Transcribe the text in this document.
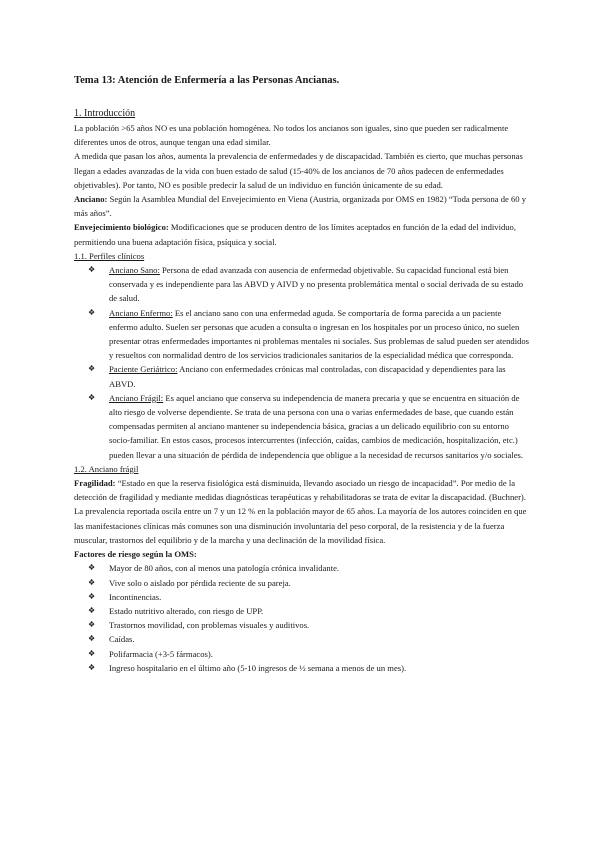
Tema 13: Atención de Enfermería a las Personas Ancianas.

1. Introducción

La población >65 años NO es una población homogénea. No todos los ancianos son iguales, sino que pueden ser radicalmente diferentes unos de otros, aunque tengan una edad similar.

A medida que pasan los años, aumenta la prevalencia de enfermedades y de discapacidad. También es cierto, que muchas personas llegan a edades avanzadas de la vida con buen estado de salud (15-40% de los ancianos de 70 años padecen de enfermedades objetivables). Por tanto, NO es posible predecir la salud de un individuo en función únicamente de su edad.

Anciano: Según la Asamblea Mundial del Envejecimiento en Viena (Austria, organizada por OMS en 1982) “Toda persona de 60 y más años”.

Envejecimiento biológico: Modificaciones que se producen dentro de los límites aceptados en función de la edad del individuo, permitiendo una buena adaptación física, psíquica y social.

1.1. Perfiles clínicos

❖ Anciano Sano: Persona de edad avanzada con ausencia de enfermedad objetivable. Su capacidad funcional está bien conservada y es independiente para las ABVD y AIVD y no presenta problemática mental o social derivada de su estado de salud.
❖ Anciano Enfermo: Es el anciano sano con una enfermedad aguda. Se comportaría de forma parecida a un paciente enfermo adulto. Suelen ser personas que acuden a consulta o ingresan en los hospitales por un proceso único, no suelen presentar otras enfermedades importantes ni problemas mentales ni sociales. Sus problemas de salud pueden ser atendidos y resueltos con normalidad dentro de los servicios tradicionales sanitarios de la especialidad médica que corresponda.
❖ Paciente Geriátrico: Anciano con enfermedades crónicas mal controladas, con discapacidad y dependientes para las ABVD.
❖ Anciano Frágil: Es aquel anciano que conserva su independencia de manera precaria y que se encuentra en situación de alto riesgo de volverse dependiente. Se trata de una persona con una o varias enfermedades de base, que cuando están compensadas permiten al anciano mantener su independencia básica, gracias a un delicado equilibrio con su entorno socio-familiar. En estos casos, procesos intercurrentes (infección, caídas, cambios de medicación, hospitalización, etc.) pueden llevar a una situación de pérdida de independencia que obligue a la necesidad de recursos sanitarios y/o sociales.

1.2. Anciano frágil

Fragilidad: “Estado en que la reserva fisiológica está disminuida, llevando asociado un riesgo de incapacidad”. Por medio de la detección de fragilidad y mediante medidas diagnósticas terapéuticas y rehabilitadoras se trata de evitar la discapacidad. (Buchner).

La prevalencia reportada oscila entre un 7 y un 12 % en la población mayor de 65 años. La mayoría de los autores coinciden en que las manifestaciones clínicas más comunes son una disminución involuntaria del peso corporal, de la resistencia y de la fuerza muscular, trastornos del equilibrio y de la marcha y una declinación de la movilidad física.

Factores de riesgo según la OMS:

❖ Mayor de 80 años, con al menos una patología crónica invalidante.
❖ Vive solo o aislado por pérdida reciente de su pareja.
❖ Incontinencias.
❖ Estado nutritivo alterado, con riesgo de UPP.
❖ Trastornos movilidad, con problemas visuales y auditivos.
❖ Caídas.
❖ Polifarmacia (+3-5 fármacos).
❖ Ingreso hospitalario en el último año (5-10 ingresos de ½ semana a menos de un mes).
